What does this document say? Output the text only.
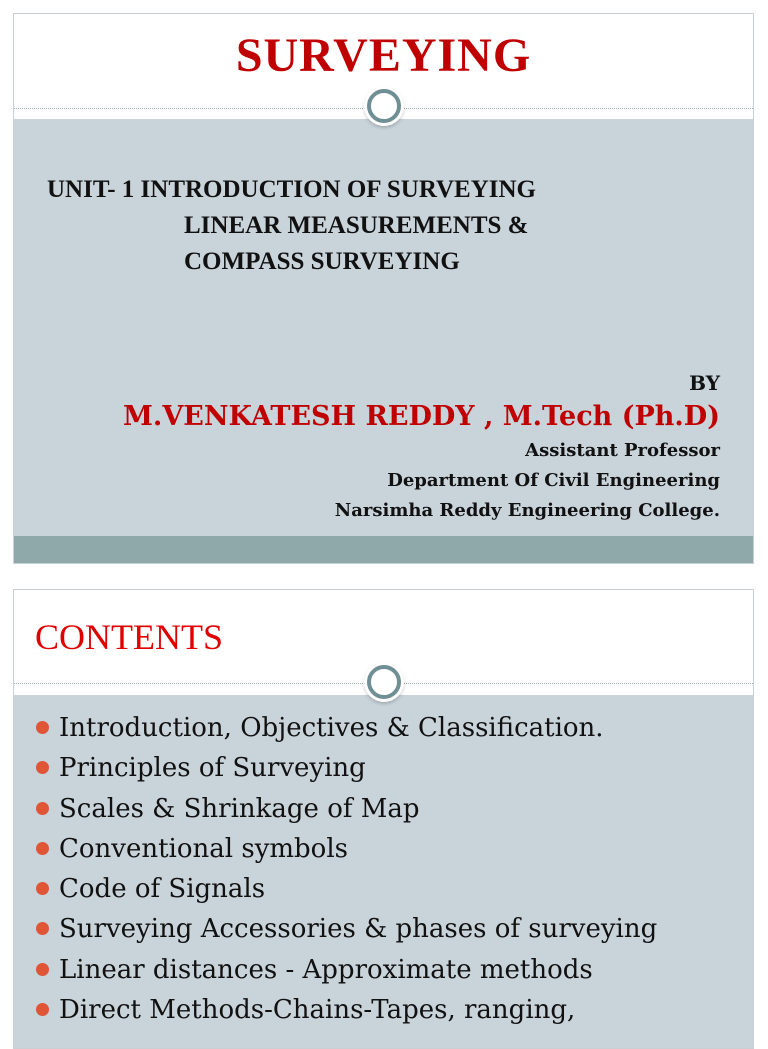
SURVEYING
UNIT- 1 INTRODUCTION OF SURVEYING
LINEAR MEASUREMENTS &
COMPASS SURVEYING
BY
M.VENKATESH REDDY , M.Tech (Ph.D)
Assistant Professor
Department Of Civil Engineering
Narsimha Reddy Engineering College.
CONTENTS
Introduction, Objectives & Classification.
Principles of Surveying
Scales & Shrinkage of Map
Conventional symbols
Code of Signals
Surveying Accessories & phases of surveying
Linear distances - Approximate methods
Direct Methods-Chains-Tapes, ranging,
